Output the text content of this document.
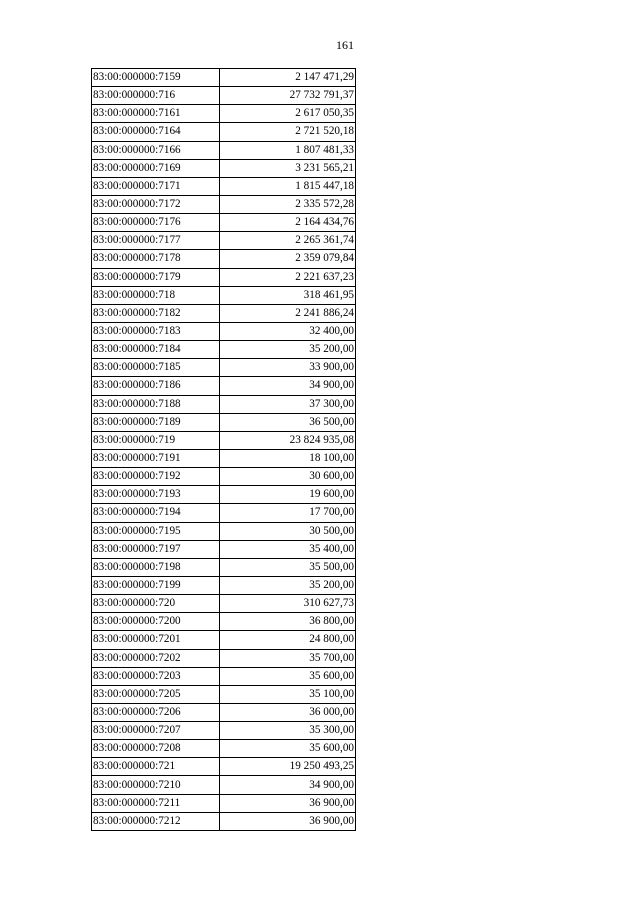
161
83:00:000000:7159	2 147 471,29
83:00:000000:716	27 732 791,37
83:00:000000:7161	2 617 050,35
83:00:000000:7164	2 721 520,18
83:00:000000:7166	1 807 481,33
83:00:000000:7169	3 231 565,21
83:00:000000:7171	1 815 447,18
83:00:000000:7172	2 335 572,28
83:00:000000:7176	2 164 434,76
83:00:000000:7177	2 265 361,74
83:00:000000:7178	2 359 079,84
83:00:000000:7179	2 221 637,23
83:00:000000:718	318 461,95
83:00:000000:7182	2 241 886,24
83:00:000000:7183	32 400,00
83:00:000000:7184	35 200,00
83:00:000000:7185	33 900,00
83:00:000000:7186	34 900,00
83:00:000000:7188	37 300,00
83:00:000000:7189	36 500,00
83:00:000000:719	23 824 935,08
83:00:000000:7191	18 100,00
83:00:000000:7192	30 600,00
83:00:000000:7193	19 600,00
83:00:000000:7194	17 700,00
83:00:000000:7195	30 500,00
83:00:000000:7197	35 400,00
83:00:000000:7198	35 500,00
83:00:000000:7199	35 200,00
83:00:000000:720	310 627,73
83:00:000000:7200	36 800,00
83:00:000000:7201	24 800,00
83:00:000000:7202	35 700,00
83:00:000000:7203	35 600,00
83:00:000000:7205	35 100,00
83:00:000000:7206	36 000,00
83:00:000000:7207	35 300,00
83:00:000000:7208	35 600,00
83:00:000000:721	19 250 493,25
83:00:000000:7210	34 900,00
83:00:000000:7211	36 900,00
83:00:000000:7212	36 900,00
